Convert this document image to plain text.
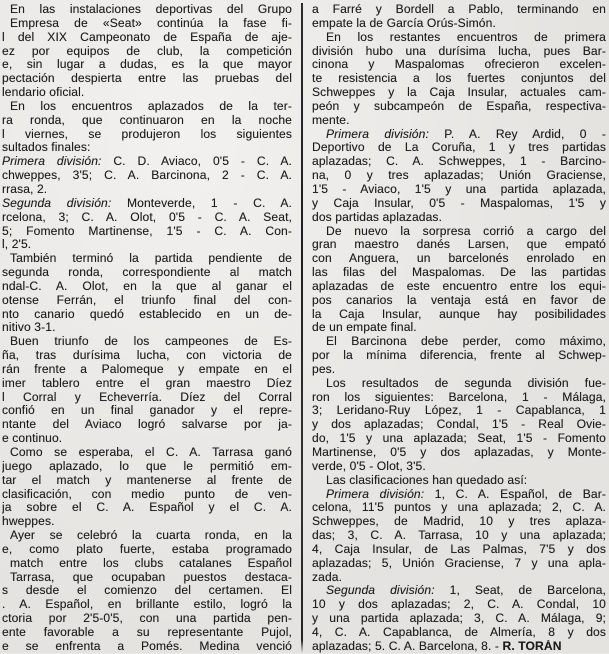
En las instalaciones deportivas del Grupo
Empresa de «Seat» continúa la fase fi-
l del XIX Campeonato de España de aje-
ez por equipos de club, la competición
e, sin lugar a dudas, es la que mayor
pectación despierta entre las pruebas del
lendario oficial.
En los encuentros aplazados de la ter-
ra ronda, que continuaron en la noche
l viernes, se produjeron los siguientes
sultados finales:
Primera división: C. D. Aviaco, 0'5 - C. A.
chweppes, 3'5; C. A. Barcinona, 2 - C. A.
rrasa, 2.
Segunda división: Monteverde, 1 - C. A.
rcelona, 3; C. A. Olot, 0'5 - C. A. Seat,
5; Fomento Martinense, 1'5 - C. A. Con-
l, 2'5.
También terminó la partida pendiente de
segunda ronda, correspondiente al match
ndal-C. A. Olot, en la que al ganar el
otense Ferrán, el triunfo final del con-
nto canario quedó establecido en un de-
nitivo 3-1.
Buen triunfo de los campeones de Es-
ña, tras durísima lucha, con victoria de
rán frente a Palomeque y empate en el
imer tablero entre el gran maestro Díez
l Corral y Echeverría. Díez del Corral
confió en un final ganador y el repre-
ntante del Aviaco logró salvarse por ja-
e continuo.
Como se esperaba, el C. A. Tarrasa ganó
juego aplazado, lo que le permitió em-
tar el match y mantenerse al frente de
clasificación, con medio punto de ven-
ja sobre el C. A. Español y el C. A.
hweppes.
Ayer se celebró la cuarta ronda, en la
e, como plato fuerte, estaba programado
match entre los clubs catalanes Español
Tarrasa, que ocupaban puestos destaca-
s desde el comienzo del certamen. El
. A. Español, en brillante estilo, logró la
ctoria por 2'5-0'5, con una partida pen-
ente favorable a su representante Pujol,
e se enfrenta a Pomés. Medina venció
a Farré y Bordell a Pablo, terminando en
empate la de García Orús-Simón.
En los restantes encuentros de primera
división hubo una durísima lucha, pues Bar-
cinona y Maspalomas ofrecieron excelen-
te resistencia a los fuertes conjuntos del
Schweppes y la Caja Insular, actuales cam-
peón y subcampeón de España, respectiva-
mente.
Primera división: P. A. Rey Ardid, 0 -
Deportivo de La Coruña, 1 y tres partidas
aplazadas; C. A. Schweppes, 1 - Barcino-
na, 0 y tres aplazadas; Unión Graciense,
1'5 - Aviaco, 1'5 y una partida aplazada,
y Caja Insular, 0'5 - Maspalomas, 1'5 y
dos partidas aplazadas.
De nuevo la sorpresa corrió a cargo del
gran maestro danés Larsen, que empató
con Anguera, un barcelonés enrolado en
las filas del Maspalomas. De las partidas
aplazadas de este encuentro entre los equi-
pos canarios la ventaja está en favor de
la Caja Insular, aunque hay posibilidades
de un empate final.
El Barcinona debe perder, como máximo,
por la mínima diferencia, frente al Schwep-
pes.
Los resultados de segunda división fue-
ron los siguientes: Barcelona, 1 - Málaga,
3; Leridano-Ruy López, 1 - Capablanca, 1
y dos aplazadas; Condal, 1'5 - Real Ovie-
do, 1'5 y una aplazada; Seat, 1'5 - Fomento
Martinense, 0'5 y dos aplazadas, y Monte-
verde, 0'5 - Olot, 3'5.
Las clasificaciones han quedado así:
Primera división: 1, C. A. Español, de Bar-
celona, 11'5 puntos y una aplazada; 2, C. A.
Schweppes, de Madrid, 10 y tres aplaza-
das; 3, C. A. Tarrasa, 10 y una aplazada;
4, Caja Insular, de Las Palmas, 7'5 y dos
aplazadas; 5, Unión Graciense, 7 y una apla-
zada.
Segunda división: 1, Seat, de Barcelona,
10 y dos aplazadas; 2, C. A. Condal, 10
y una partida aplazada; 3, C. A. Málaga, 9;
4, C. A. Capablanca, de Almería, 8 y dos
aplazadas; 5. C. A. Barcelona, 8. - R. TORÁN
